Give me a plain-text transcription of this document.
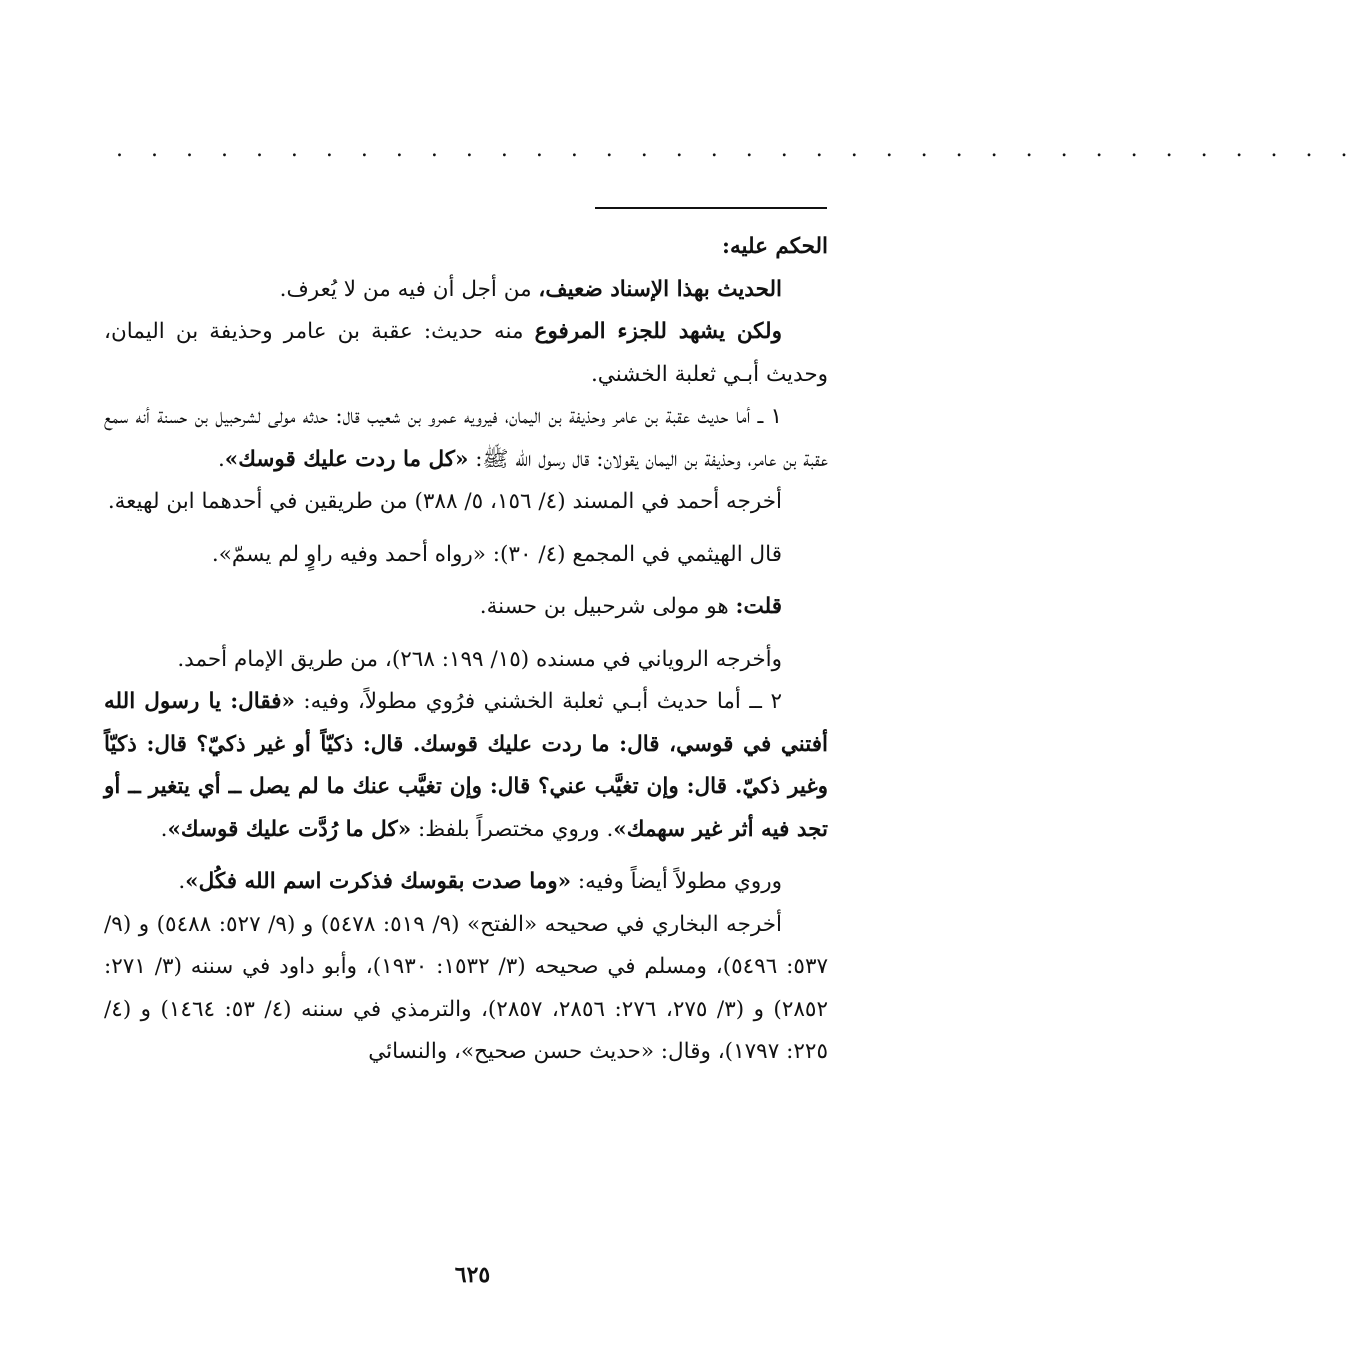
. . . . . . . . . . . . . . . . . . . . . . . . . . . . . . . . . . . .

الحكم عليه:

الحديث بهذا الإسناد ضعيف، من أجل أن فيه من لا يُعرف.

ولكن يشهد للجزء المرفوع منه حديث: عقبة بن عامر وحذيفة بن اليمان، وحديث أبـي ثعلبة الخشني.

١ ــ أما حديث عقبة بن عامر وحذيفة بن اليمان، فيرويه عمرو بن شعيب قال: حدثه مولى لشرحبيل بن حسنة أنه سمع عقبة بن عامر، وحذيفة بن اليمان يقولان: قال رسول الله ﷺ: «كل ما ردت عليك قوسك».

أخرجه أحمد في المسند (٤/ ١٥٦، ٥/ ٣٨٨) من طريقين في أحدهما ابن لهيعة.

قال الهيثمي في المجمع (٤/ ٣٠): «رواه أحمد وفيه راوٍ لم يسمّ».

قلت: هو مولى شرحبيل بن حسنة.

وأخرجه الروياني في مسنده (١٥/ ١٩٩: ٢٦٨)، من طريق الإمام أحمد.

٢ ــ أما حديث أبـي ثعلبة الخشني فرُوي مطولاً، وفيه: «فقال: يا رسول الله أفتني في قوسي، قال: ما ردت عليك قوسك. قال: ذكيّاً أو غير ذكيّ؟ قال: ذكيّاً وغير ذكيّ. قال: وإن تغيَّب عني؟ قال: وإن تغيَّب عنك ما لم يصل ــ أي يتغير ــ أو تجد فيه أثر غير سهمك». وروي مختصراً بلفظ: «كل ما رُدَّت عليك قوسك».

وروي مطولاً أيضاً وفيه: «وما صدت بقوسك فذكرت اسم الله فكُل».

أخرجه البخاري في صحيحه «الفتح» (٩/ ٥١٩: ٥٤٧٨) و (٩/ ٥٢٧: ٥٤٨٨) و (٩/ ٥٣٧: ٥٤٩٦)، ومسلم في صحيحه (٣/ ١٥٣٢: ١٩٣٠)، وأبو داود في سننه (٣/ ٢٧١: ٢٨٥٢) و (٣/ ٢٧٥، ٢٧٦: ٢٨٥٦، ٢٨٥٧)، والترمذي في سننه (٤/ ٥٣: ١٤٦٤) و (٤/ ٢٢٥: ١٧٩٧)، وقال: «حديث حسن صحيح»، والنسائي

٦٢٥
